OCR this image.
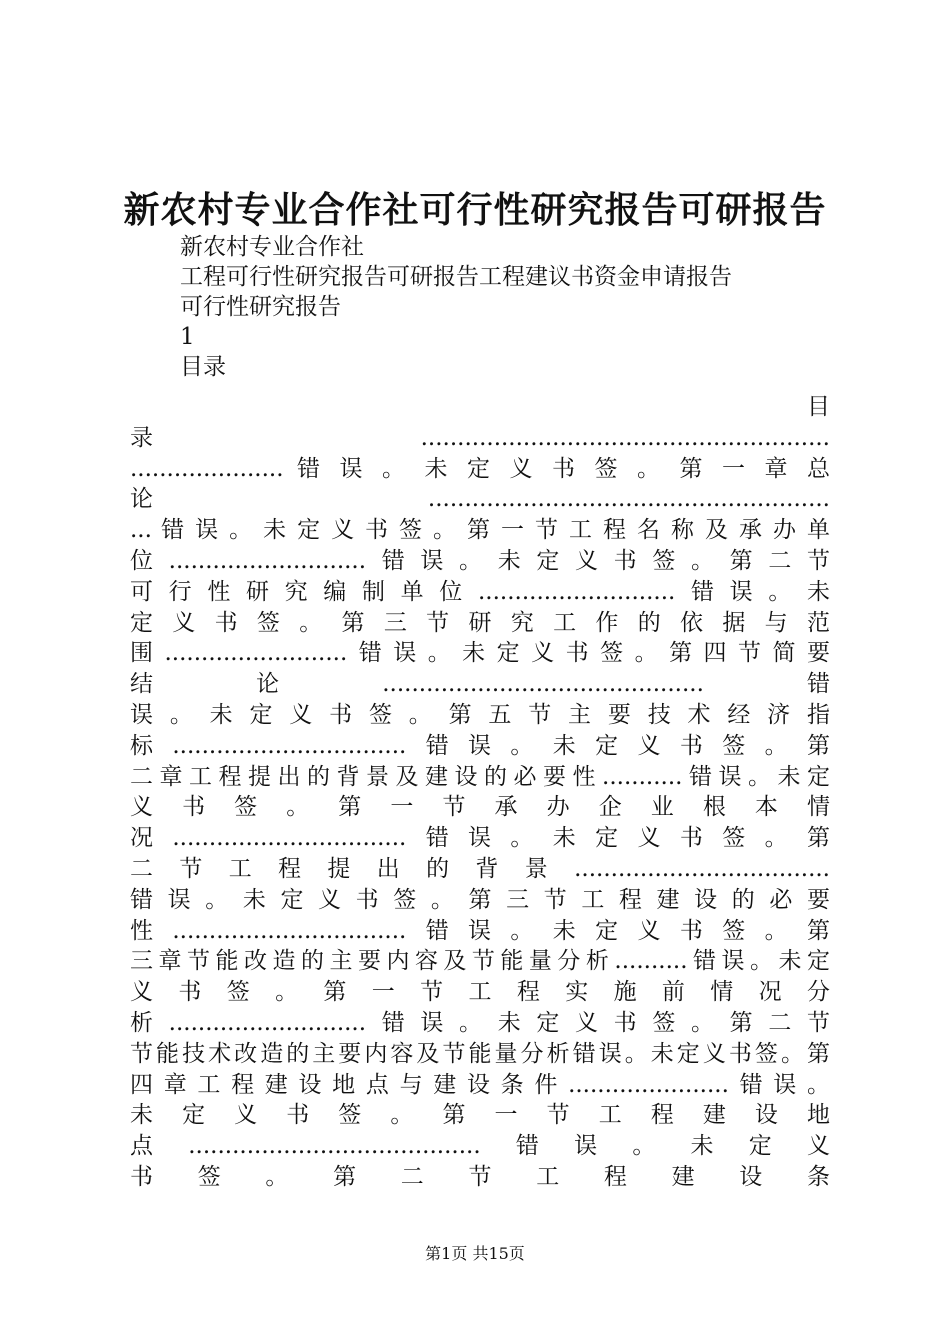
新农村专业合作社可行性研究报告可研报告
新农村专业合作社
工程可行性研究报告可研报告工程建议书资金申请报告
可行性研究报告
1
目录
目
录........................................................
..................... 错 误 。 未 定 义 书 签 。 第 一 章 总
论.......................................................
... 错 误 。 未 定 义 书 签 。 第 一 节 工 程 名 称 及 承 办 单
位...........................错误。未定义书签。第二节
可行性研究编制单位...........................错误。未
定 义 书 签 。 第 三 节 研 究 工 作 的 依 据 与 范
围.........................错误。未定义书签。第四节简要
结论............................................错
误 。 未 定 义 书 签 。 第 五 节 主 要 技 术 经 济 指
标................................错误。未定义书签。第
二章工程提出的背景及建设的必要性...........错误。未定
义 书 签 。 第 一 节 承 办 企 业 根 本 情
况................................错误。未定义书签。第
二节工程提出的背景...................................
错 误 。 未 定 义 书 签 。 第 三 节 工 程 建 设 的 必 要
性................................错误。未定义书签。第
三章节能改造的主要内容及节能量分析..........错误。未定
义 书 签 。 第 一 节 工 程 实 施 前 情 况 分
析...........................错误。未定义书签。第二节
节能技术改造的主要内容及节能量分析错误。未定义书签。第
四章工程建设地点与建设条件......................错误。
未 定 义 书 签 。 第 一 节 工 程 建 设 地
点........................................错误。未定义
书 签 。 第 二 节 工 程 建 设 条
第1页 共15页
